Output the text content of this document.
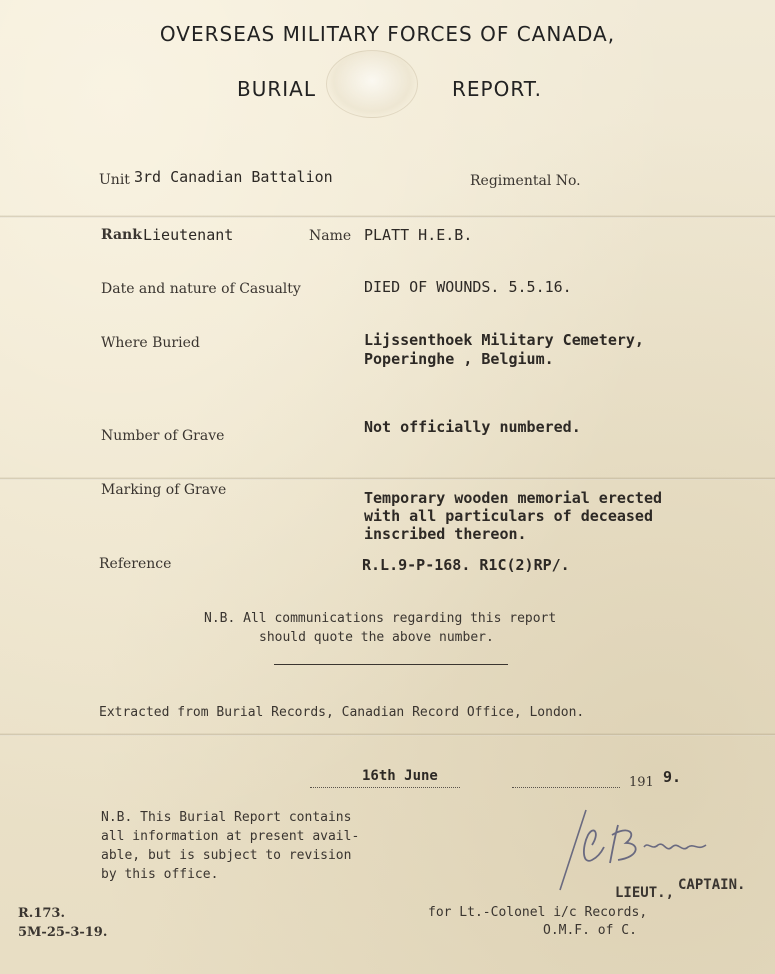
OVERSEAS MILITARY FORCES OF CANADA,
BURIAL	REPORT.
Unit 3rd Canadian Battalion	Regimental No.
Rank Lieutenant	Name PLATT H.E.B.
Date and nature of Casualty	DIED OF WOUNDS. 5.5.16.
Where Buried	Lijssenthoek Military Cemetery,
Poperinghe , Belgium.
Number of Grave	Not officially numbered.
Marking of Grave	Temporary wooden memorial erected
with all particulars of deceased
inscribed thereon.
Reference	R.L.9-P-168. R1C(2)RP/.
N.B. All communications regarding this report
should quote the above number.
Extracted from Burial Records, Canadian Record Office, London.
16th June	191 9.
N.B. This Burial Report contains
all information at present avail-
able, but is subject to revision
by this office.
LIEUT., CAPTAIN.
for Lt.-Colonel i/c Records,
O.M.F. of C.
R.173.
5M-25-3-19.
